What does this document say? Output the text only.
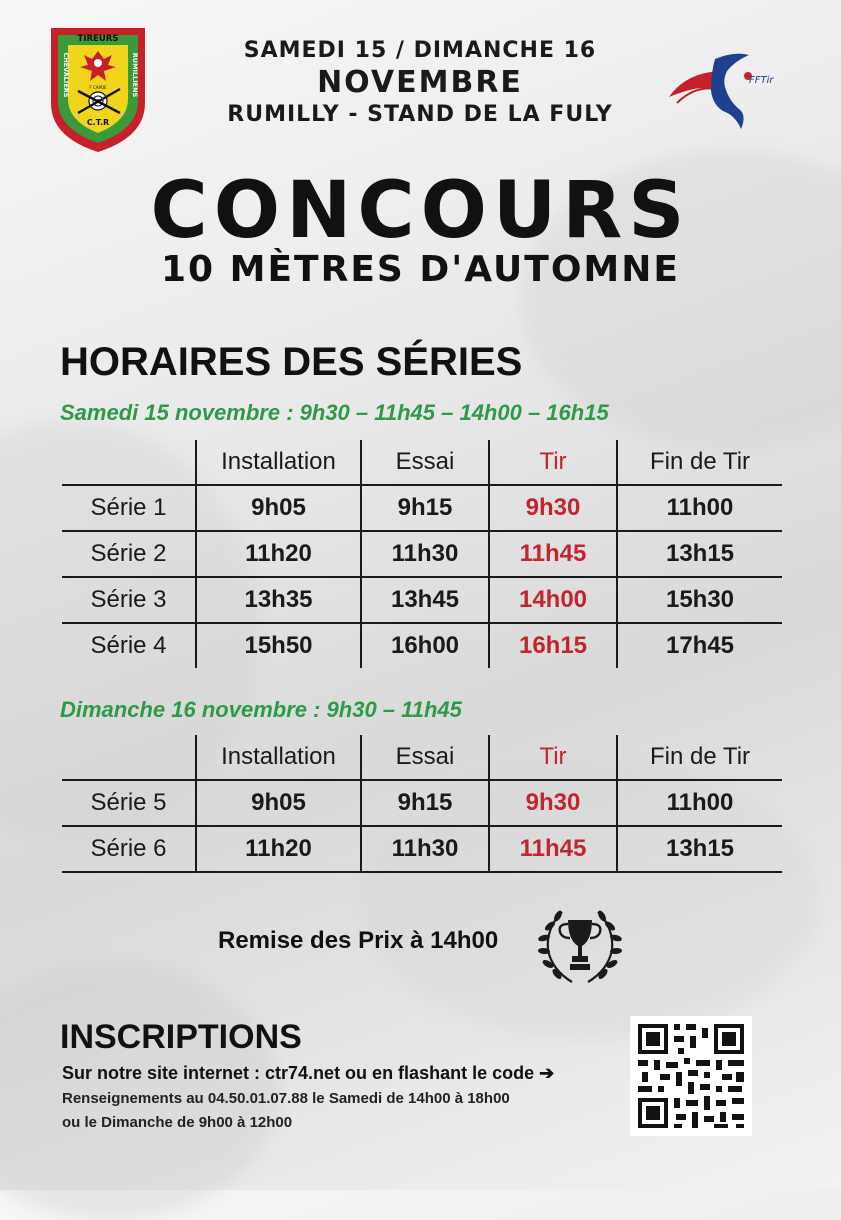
TIREURS
CHEVALIERS	RUMILLIENS
F CAPOE
C.T.R
SAMEDI 15 / DIMANCHE 16
NOVEMBRE
RUMILLY - STAND DE LA FULY
FFTir
CONCOURS
10 MÈTRES D'AUTOMNE
HORAIRES DES SÉRIES
Samedi 15 novembre : 9h30 – 11h45 – 14h00 – 16h15
	Installation	Essai	Tir	Fin de Tir
Série 1	9h05	9h15	9h30	11h00
Série 2	11h20	11h30	11h45	13h15
Série 3	13h35	13h45	14h00	15h30
Série 4	15h50	16h00	16h15	17h45
Dimanche 16 novembre : 9h30 – 11h45
	Installation	Essai	Tir	Fin de Tir
Série 5	9h05	9h15	9h30	11h00
Série 6	11h20	11h30	11h45	13h15
Remise des Prix à 14h00
INSCRIPTIONS
Sur notre site internet : ctr74.net ou en flashant le code ➔
Renseignements au 04.50.01.07.88 le Samedi de 14h00 à 18h00
ou le Dimanche de 9h00 à 12h00
